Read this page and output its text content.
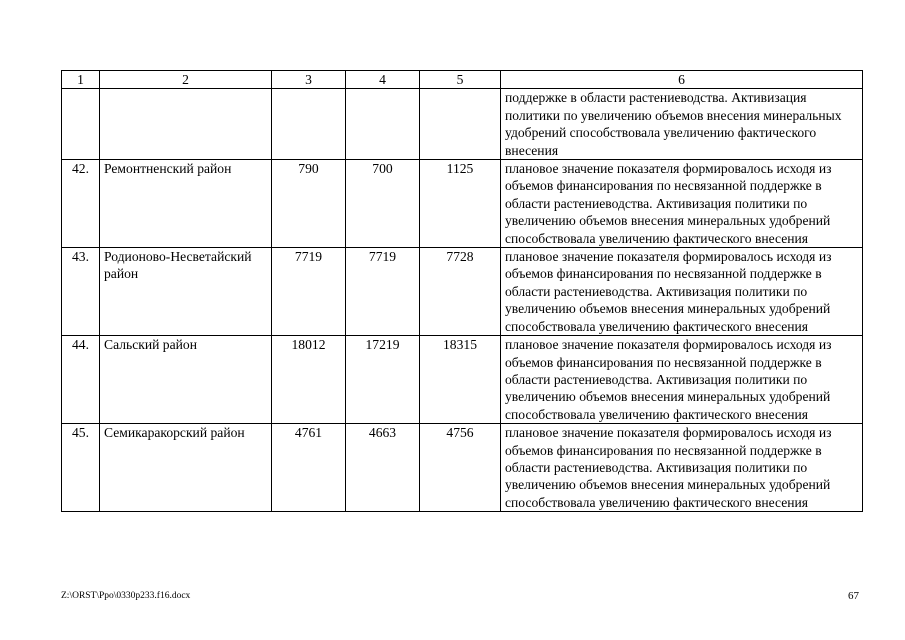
1	2	3	4	5	6
					поддержке в области растениеводства. Активизация политики по увеличению объемов внесения минеральных удобрений способствовала увеличению фактического внесения
42.	Ремонтненский район	790	700	1125	плановое значение показателя формировалось исходя из объемов финансирования по несвязанной поддержке в области растениеводства. Активизация политики по увеличению объемов внесения минеральных удобрений способствовала увеличению фактического внесения
43.	Родионово-Несветайский район	7719	7719	7728	плановое значение показателя формировалось исходя из объемов финансирования по несвязанной поддержке в области растениеводства. Активизация политики по увеличению объемов внесения минеральных удобрений способствовала увеличению фактического внесения
44.	Сальский район	18012	17219	18315	плановое значение показателя формировалось исходя из объемов финансирования по несвязанной поддержке в области растениеводства. Активизация политики по увеличению объемов внесения минеральных удобрений способствовала увеличению фактического внесения
45.	Семикаракорский район	4761	4663	4756	плановое значение показателя формировалось исходя из объемов финансирования по несвязанной поддержке в области растениеводства. Активизация политики по увеличению объемов внесения минеральных удобрений способствовала увеличению фактического внесения
Z:\ORST\Ppo\0330p233.f16.docx	67
